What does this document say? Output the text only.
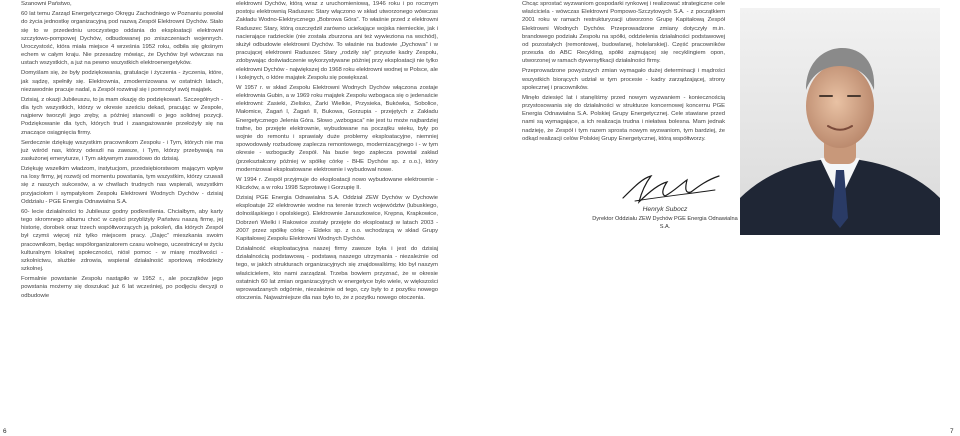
Szanowni Państwo,

60 lat temu Zarząd Energetycznego Okręgu Zachodniego w Poznaniu powołał do życia jednostkę organizacyjną pod nazwą Zespół Elektrowni Dychów. Stało się to w przededniu uroczystego oddania do eksploatacji elektrowni szczytowo-pompowej Dychów, odbudowanej po zniszczeniach wojennych. Uroczystość, która miała miejsce 4 września 1952 roku, odbiła się głośnym echem w całym kraju. Nie przesadzę mówiąc, że Dychów był wówczas na ustach wszystkich, a już na pewno wszystkich elektroenergetyków.

Domyślam się, że były podziękowania, gratulacje i życzenia - życzenia, które, jak sądzę, spełniły się. Elektrownia, zmodernizowana w ostatnich latach, niezawodnie pracuje nadal, a Zespół rozwinął się i pomnożył swój majątek.

Dzisiaj, z okazji Jubileuszu, to ja mam okazję do podziękowań. Szczególnych - dla tych wszystkich, którzy w okresie sześciu dekad, pracując w Zespole, najpierw tworzyli jego zręby, a później stanowili o jego solidnej pozycji. Podziękowanie dla tych, których trud i zaangażowanie przełożyły się na znaczące osiągnięcia firmy.

Serdecznie dziękuję wszystkim pracownikom Zespołu - i Tym, których nie ma już wśród nas, którzy odeszli na zawsze, i Tym, którzy przebywają na zasłużonej emeryturze, i Tym aktywnym zawodowo do dzisiaj.

Dziękuję wszelkim władzom, instytucjom, przedsiębiorstwom mającym wpływ na losy firmy, jej rozwój od momentu powstania, tym wszystkim, którzy czuwali się z naszych sukcesów, a w chwilach trudnych nas wspierali, wszystkim przyjaciołom i sympatykom Zespołu Elektrowni Wodnych Dychów - dzisiaj Oddziału - PGE Energia Odnawialna S.A.

60- lecie działalności to Jubileusz godny podkreślenia. Chciałbym, aby karty tego skromnego albumu choć w części przybliżyły Państwu naszą firmę, jej historię, dorobek oraz trzech współtworzących ją pokoleń, dla których Zespół był czymś więcej niż tylko miejscem pracy. „Dajęc” mieszkania swoim pracownikom, będąc współorganizatorem czasu wolnego, uczestniczył w życiu kulturalnym lokalnej społeczności, niósł pomoc - w miarę możliwości - szkolnictwu, służbie zdrowia, wspierał działalność sportową młodzieży szkolnej.

Formalnie powstanie Zespołu nastąpiło w 1952 r., ale początków jego powstania możemy się doszukać już 6 lat wcześniej, po podjęciu decyzji o odbudowie

elektrowni Dychów, którą wraz z uruchomieniową, 1946 roku i po rocznym postoju elektrownią Raduszec Stary włączono w skład utworzonego wówczas Zakładu Wodno-Elektrycznego „Bobrowa Góra”. To właśnie przed z elektrowni Raduszec Stary, którą oszczędził zarówno uciekające wojska niemieckie, jak i nacierające radzieckie (nie została zburzona ani też wywieziona na wschód), służył odbudowie elektrowni Dychów. To właśnie na budowie „Dychowa” i w pracującej elektrowni Raduszec Stary „rodziły się” przyszłe kadry Zespołu, zdobywając doświadczenie wykorzystywane później przy eksploatacji nie tylko elektrowni Dychów - największej do 1968 roku elektrowni wodnej w Polsce, ale i kolejnych, o które majątek Zespołu się powiększał.

W 1957 r. w skład Zespołu Elektrowni Wodnych Dychów włączona zostaje elektrownia Gubin, a w 1969 roku majątek Zespołu wzbogaca się o jedenaście elektrowni: Zasieki, Zielisko, Żarki Wielkie, Przysieka, Bukówka, Sobolice, Małomice, Żagań I, Żagań II, Bukowa, Gorzupia - przejętych z Zakładu Energetycznego Jelenia Góra. Słowo „wzbogaca” nie jest tu może najbardziej trafne, bo przejęte elektrownie, wybudowane na początku wieku, były po wojnie do remontu i sprawiały duże problemy eksploatacyjne, niemniej spowodowały rozbudowę zaplecza remontowego, modernizacyjnego i - w tym okresie - wzbogaciły Zespół. Na bazie tego zaplecza powstał zakład (przekształcony później w spółkę córkę - BHE Dychów sp. z o.o.), który modernizował eksploatowane elektrownie i wybudował nowe.

W 1994 r. Zespół przyjmuje do eksploatacji nowo wybudowane elektrownie - Kliczków, a w roku 1998 Szprotawę i Gorzupię II.

Dzisiaj PGE Energia Odnawialna S.A. Oddział ZEW Dychów w Dychowie eksploatuje 22 elektrownie wodne na terenie trzech województw (lubuskiego, dolnośląskiego i opolskiego). Elektrownie Januszkowice, Krępna, Krapkowice, Dobrzeń Wielki i Rakowice zostały przejęte do eksploatacji w latach 2003 - 2007 przez spółkę córkę - Eldeks sp. z o.o. wchodzącą w skład Grupy Kapitałowej Zespołu Elektrowni Wodnych Dychów.

Działalność eksploatacyjna naszej firmy zawsze była i jest do dzisiaj działalnością podstawową - podstawą naszego utrzymania - niezależnie od tego, w jakich strukturach organizacyjnych się znajdowaliśmy, kto był naszym właścicielem, kto nami zarządzał. Trzeba bowiem przyznać, że w okresie ostatnich 60 lat zmian organizacyjnych w energetyce było wiele, w większości wprowadzanych odgórnie, niezależnie od tego, czy były to z pozytku nowego otoczenia. Najważniejsze dla nas było to, że z pozytku nowego otoczenia.

Chcąc sprostać wyzwaniom gospodarki rynkowej i realizować strategiczne cele właściciela - wówczas Elektrowni Pompowo-Szczytowych S.A. - z początkiem 2001 roku w ramach restrukturyzacji utworzono Grupę Kapitałową Zespół Elektrowni Wodnych Dychów. Przeprowadzone zmiany dotyczyły m.in. brandowego podziału Zespołu na spółki, oddzielenia działalności podstawowej od pozostałych (remontowej, budowlanej, hotelarskiej). Część pracowników przeszła do ABC Recykling, spółki zajmującej się recyklingiem opon, utworzonej w ramach dywersyfikacji działalności firmy.

Przeprowadzone powyższych zmian wymagało dużej determinacji i mądrości wszystkich biorących udział w tym procesie - kadry zarządzającej, strony społecznej i pracowników.

Minęło dziesięć lat i stanęliśmy przed nowym wyzwaniem - koniecznością przystosowania się do działalności w strukturze koncernowej koncernu PGE Energia Odnawialna S.A. Polskiej Grupy Energetycznej. Cele stawiane przed nami są wymagające, a ich realizacja trudna i niełatwa bolesna. Mam jednak nadzieję, że Zespół i tym razem sprosta nowym wyzwaniom, tym bardziej, że odkąd realizacji celów Polskiej Grupy Energetycznej, którą współtworzy.

Henryk Subocz
Dyrektor Oddziału ZEW Dychów PGE Energia Odnawialna S.A.
6	7
